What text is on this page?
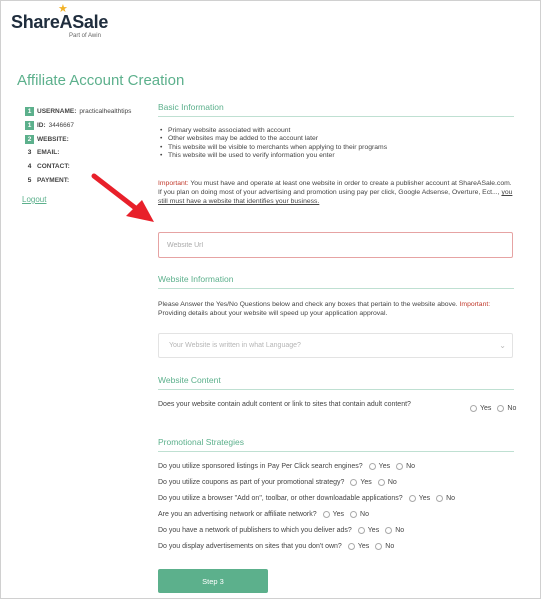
★
ShareASale
Part of Awin
Affiliate Account Creation
1 USERNAME: practicalhealthtips
1 ID: 3446667
2 WEBSITE:
3 EMAIL:
4 CONTACT:
5 PAYMENT:
Logout
Basic Information
• Primary website associated with account
• Other websites may be added to the account later
• This website will be visible to merchants when applying to their programs
• This website will be used to verify information you enter

Important: You must have and operate at least one website in order to create a publisher account at ShareASale.com. If you plan on doing most of your advertising and promotion using pay per click, Google Adsense, Overture, Ect..., you still must have a website that identifies your business.

Website Url
Website Information

Please Answer the Yes/No Questions below and check any boxes that pertain to the website above. Important: Providing details about your website will speed up your application approval.

Your Website is written in what Language?	⌄
Website Content
Does your website contain adult content or link to sites that contain adult content?
Yes No
Promotional Strategies
Do you utilize sponsored listings in Pay Per Click search engines? Yes No
Do you utilize coupons as part of your promotional strategy? Yes No
Do you utilize a browser "Add on", toolbar, or other downloadable applications? Yes No
Are you an advertising network or affiliate network? Yes No
Do you have a network of publishers to which you deliver ads? Yes No
Do you display advertisements on sites that you don't own? Yes No
Step 3
